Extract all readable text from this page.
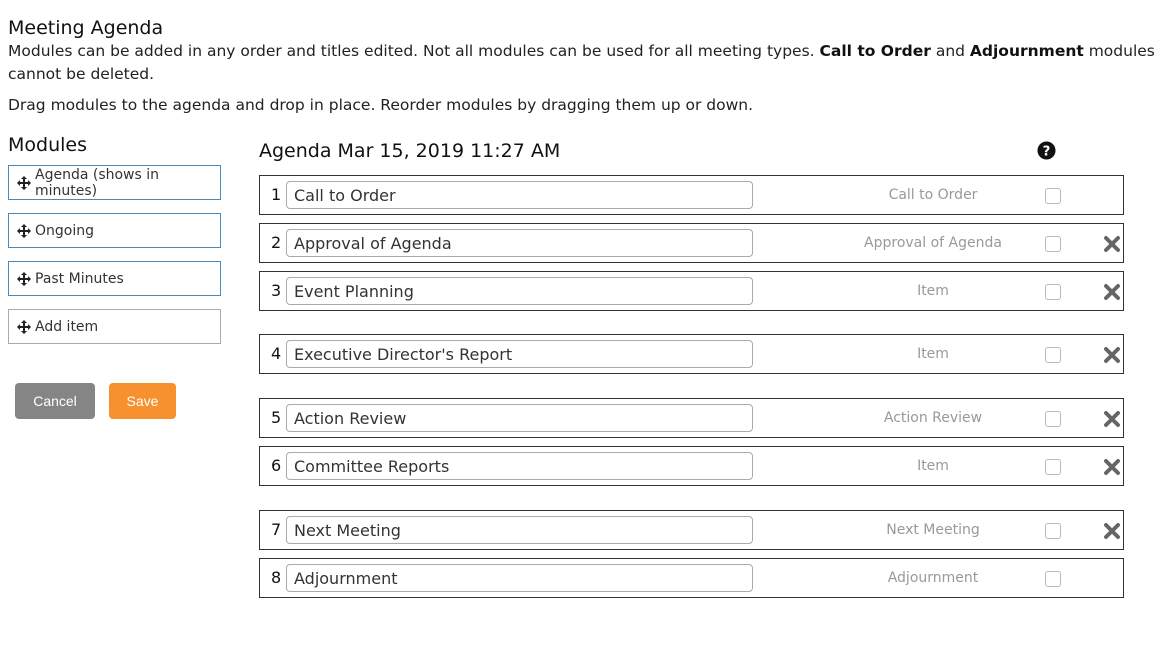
Meeting Agenda
Modules can be added in any order and titles edited. Not all modules can be used for all meeting types. Call to Order and Adjournment modules cannot be deleted.
Drag modules to the agenda and drop in place. Reorder modules by dragging them up or down.
Modules
Agenda (shows in minutes)
Ongoing
Past Minutes
Add item
Cancel	Save
Agenda Mar 15, 2019 11:27 AM	?
1
Call to Order	Call to Order
2
Approval of Agenda	Approval of Agenda
3
Event Planning	Item
4
Executive Director's Report	Item
5
Action Review	Action Review
6
Committee Reports	Item
7
Next Meeting	Next Meeting
8
Adjournment	Adjournment
